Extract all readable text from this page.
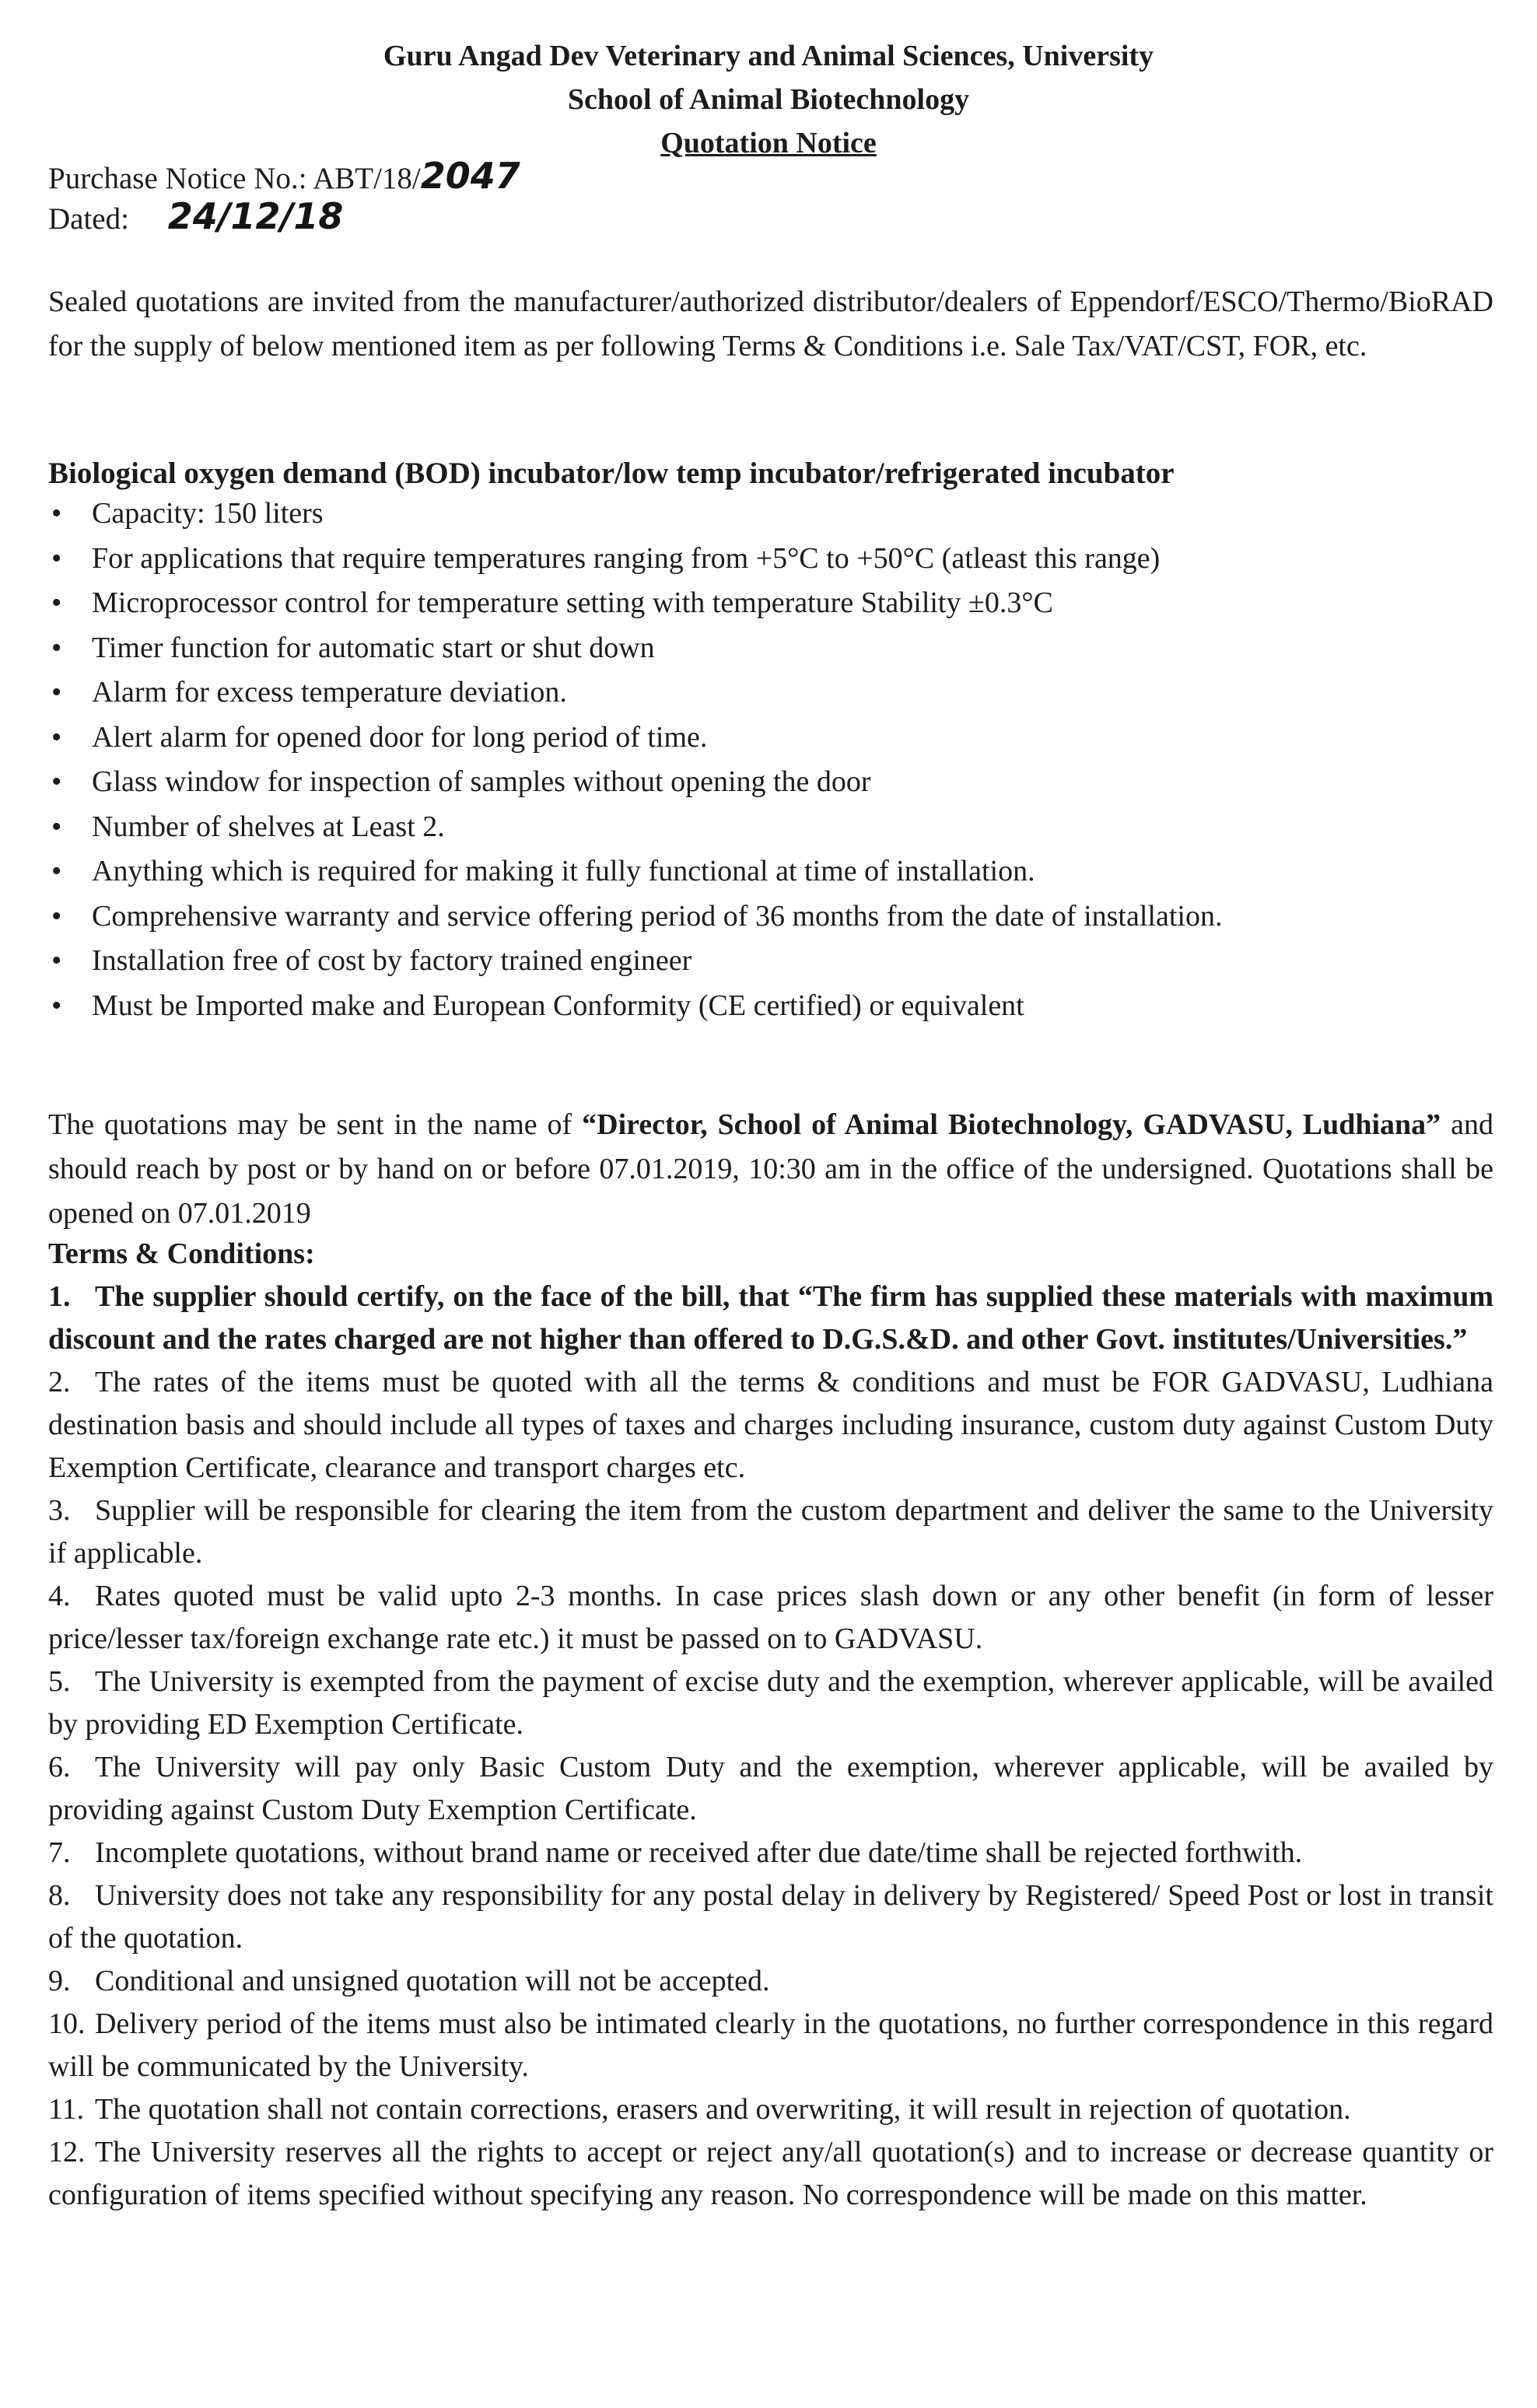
Guru Angad Dev Veterinary and Animal Sciences, University
School of Animal Biotechnology
Quotation Notice
Purchase Notice No.: ABT/18/2047
Dated: 24/12/18
Sealed quotations are invited from the manufacturer/authorized distributor/dealers of Eppendorf/ESCO/Thermo/BioRAD for the supply of below mentioned item as per following Terms & Conditions i.e. Sale Tax/VAT/CST, FOR, etc.
Biological oxygen demand (BOD) incubator/low temp incubator/refrigerated incubator
• Capacity: 150 liters
• For applications that require temperatures ranging from +5°C to +50°C (atleast this range)
• Microprocessor control for temperature setting with temperature Stability ±0.3°C
• Timer function for automatic start or shut down
• Alarm for excess temperature deviation.
• Alert alarm for opened door for long period of time.
• Glass window for inspection of samples without opening the door
• Number of shelves at Least 2.
• Anything which is required for making it fully functional at time of installation.
• Comprehensive warranty and service offering period of 36 months from the date of installation.
• Installation free of cost by factory trained engineer
• Must be Imported make and European Conformity (CE certified) or equivalent
The quotations may be sent in the name of “Director, School of Animal Biotechnology, GADVASU, Ludhiana” and should reach by post or by hand on or before 07.01.2019, 10:30 am in the office of the undersigned. Quotations shall be opened on 07.01.2019
Terms & Conditions:
1. The supplier should certify, on the face of the bill, that “The firm has supplied these materials with maximum discount and the rates charged are not higher than offered to D.G.S.&D. and other Govt. institutes/Universities.”
2. The rates of the items must be quoted with all the terms & conditions and must be FOR GADVASU, Ludhiana destination basis and should include all types of taxes and charges including insurance, custom duty against Custom Duty Exemption Certificate, clearance and transport charges etc.
3. Supplier will be responsible for clearing the item from the custom department and deliver the same to the University if applicable.
4. Rates quoted must be valid upto 2-3 months. In case prices slash down or any other benefit (in form of lesser price/lesser tax/foreign exchange rate etc.) it must be passed on to GADVASU.
5. The University is exempted from the payment of excise duty and the exemption, wherever applicable, will be availed by providing ED Exemption Certificate.
6. The University will pay only Basic Custom Duty and the exemption, wherever applicable, will be availed by providing against Custom Duty Exemption Certificate.
7. Incomplete quotations, without brand name or received after due date/time shall be rejected forthwith.
8. University does not take any responsibility for any postal delay in delivery by Registered/ Speed Post or lost in transit of the quotation.
9. Conditional and unsigned quotation will not be accepted.
10. Delivery period of the items must also be intimated clearly in the quotations, no further correspondence in this regard will be communicated by the University.
11. The quotation shall not contain corrections, erasers and overwriting, it will result in rejection of quotation.
12. The University reserves all the rights to accept or reject any/all quotation(s) and to increase or decrease quantity or configuration of items specified without specifying any reason. No correspondence will be made on this matter.
